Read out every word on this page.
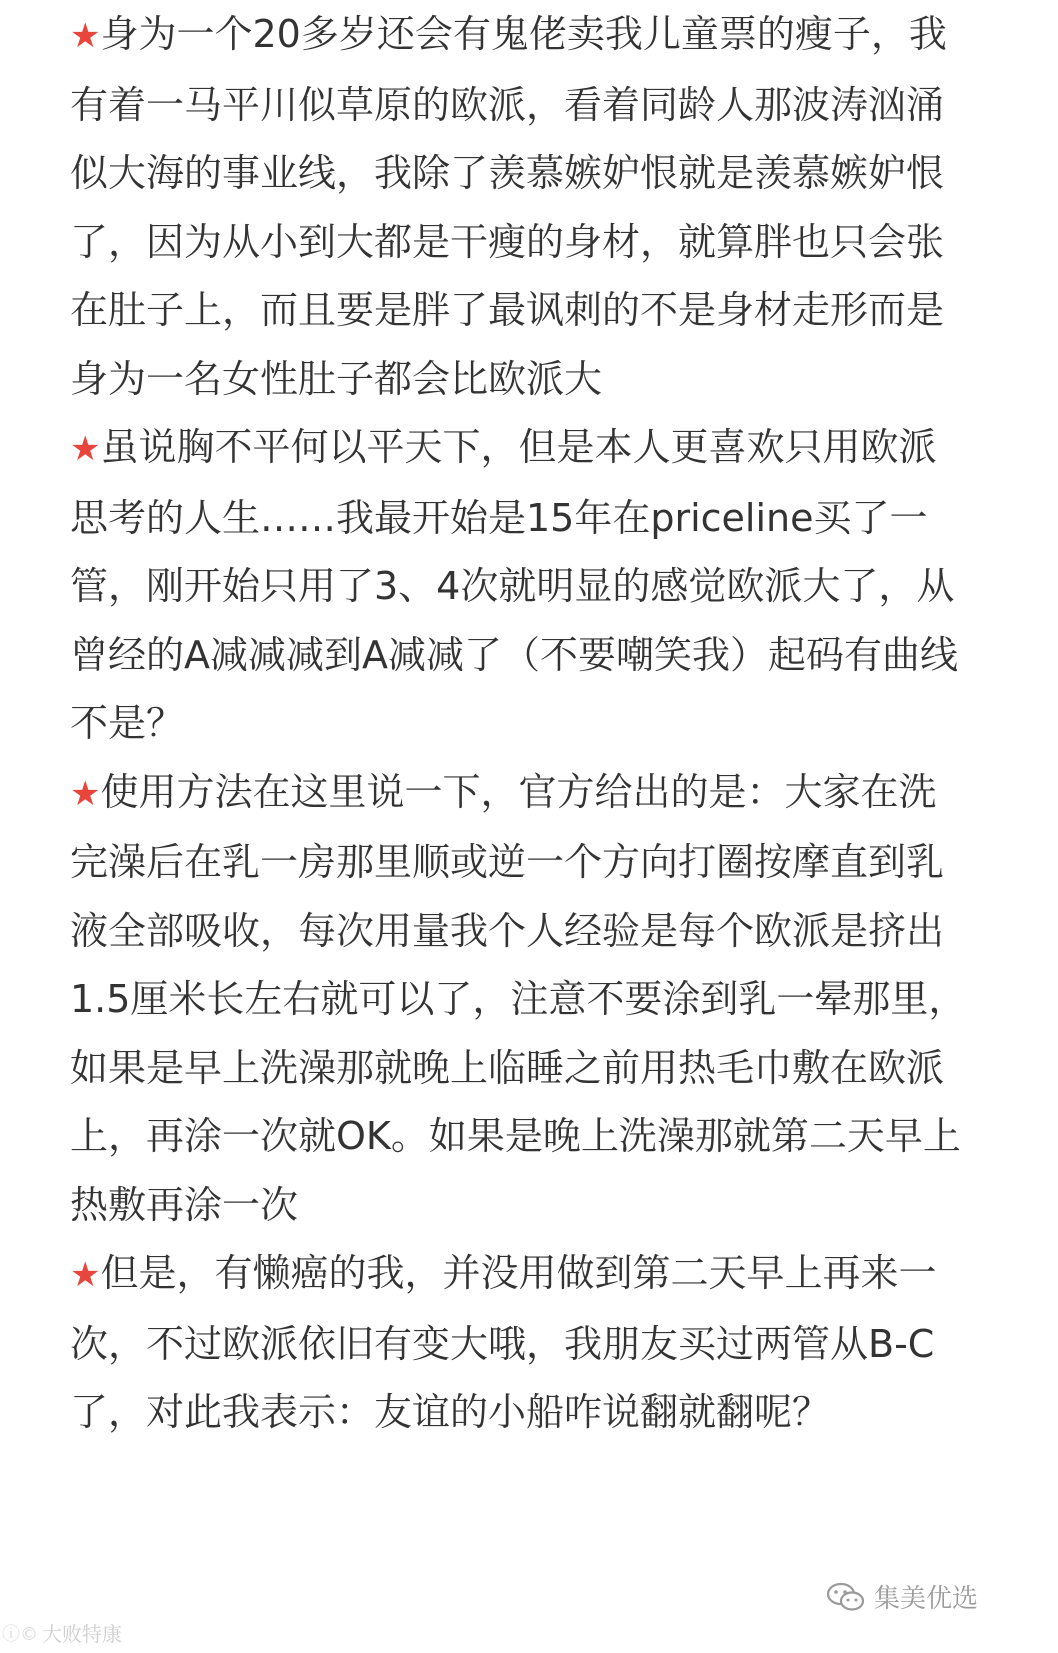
★身为一个20多岁还会有鬼佬卖我儿童票的瘦子，我有着一马平川似草原的欧派，看着同龄人那波涛汹涌似大海的事业线，我除了羡慕嫉妒恨就是羡慕嫉妒恨了，因为从小到大都是干瘦的身材，就算胖也只会张在肚子上，而且要是胖了最讽刺的不是身材走形而是身为一名女性肚子都会比欧派大

★虽说胸不平何以平天下，但是本人更喜欢只用欧派思考的人生……我最开始是15年在priceline买了一管，刚开始只用了3、4次就明显的感觉欧派大了，从曾经的A减减减到A减减了（不要嘲笑我）起码有曲线不是？

★使用方法在这里说一下，官方给出的是：大家在洗完澡后在乳一房那里顺或逆一个方向打圈按摩直到乳液全部吸收，每次用量我个人经验是每个欧派是挤出1.5厘米长左右就可以了，注意不要涂到乳一晕那里，如果是早上洗澡那就晚上临睡之前用热毛巾敷在欧派上，再涂一次就OK。如果是晚上洗澡那就第二天早上热敷再涂一次

★但是，有懒癌的我，并没用做到第二天早上再来一次，不过欧派依旧有变大哦，我朋友买过两管从B-C了，对此我表示：友谊的小船咋说翻就翻呢？

ⓘ© 大败特康
集美优选
